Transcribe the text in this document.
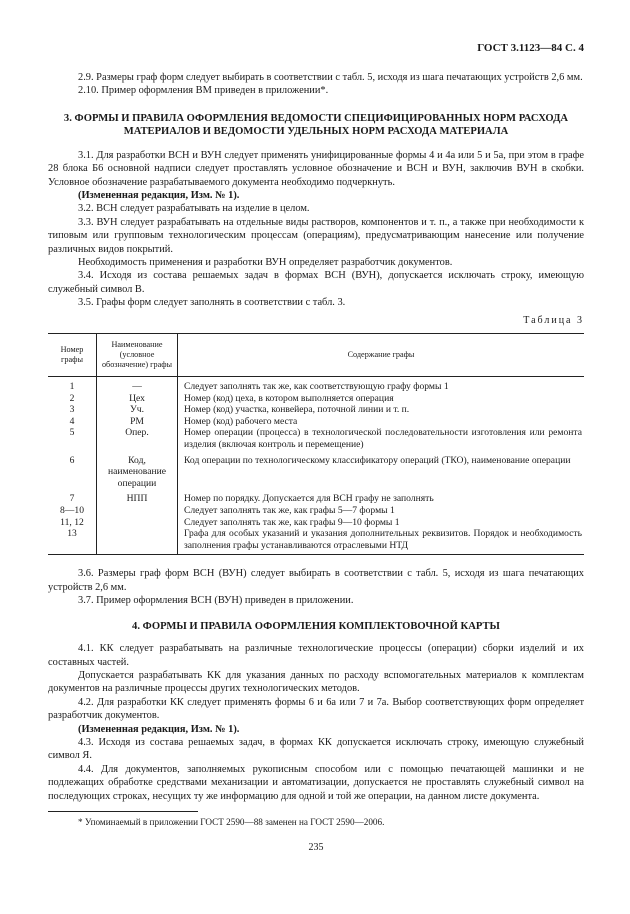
ГОСТ 3.1123—84 С. 4

2.9. Размеры граф форм следует выбирать в соответствии с табл. 5, исходя из шага печатающих устройств 2,6 мм.

2.10. Пример оформления ВМ приведен в приложении*.

3. ФОРМЫ И ПРАВИЛА ОФОРМЛЕНИЯ ВЕДОМОСТИ СПЕЦИФИЦИРОВАННЫХ НОРМ РАСХОДА МАТЕРИАЛОВ И ВЕДОМОСТИ УДЕЛЬНЫХ НОРМ РАСХОДА МАТЕРИАЛА

3.1. Для разработки ВСН и ВУН следует применять унифицированные формы 4 и 4а или 5 и 5а, при этом в графе 28 блока Б6 основной надписи следует проставлять условное обозначение и ВСН и ВУН, заключив ВУН в скобки. Условное обозначение разрабатываемого документа необходимо подчеркнуть.

(Измененная редакция, Изм. № 1).

3.2. ВСН следует разрабатывать на изделие в целом.

3.3. ВУН следует разрабатывать на отдельные виды растворов, компонентов и т. п., а также при необходимости к типовым или групповым технологическим процессам (операциям), предусматривающим нанесение или получение различных видов покрытий.

Необходимость применения и разработки ВУН определяет разработчик документов.

3.4. Исходя из состава решаемых задач в формах ВСН (ВУН), допускается исключать строку, имеющую служебный символ В.

3.5. Графы форм следует заполнять в соответствии с табл. 3.

Таблица 3

Номер графы	Наименование (условное обозначение) графы	Содержание графы
1	—	Следует заполнять так же, как соответствующую графу формы 1
2	Цех	Номер (код) цеха, в котором выполняется операция
3	Уч.	Номер (код) участка, конвейера, поточной линии и т. п.
4	РМ	Номер (код) рабочего места
5	Опер.	Номер операции (процесса) в технологической последовательности изготовления или ремонта изделия (включая контроль и перемещение)
6	Код, наименование операции	Код операции по технологическому классификатору операций (ТКО), наименование операции
7	НПП	Номер по порядку. Допускается для ВСН графу не заполнять
8—10		Следует заполнять так же, как графы 5—7 формы 1
11, 12		Следует заполнять так же, как графы 9—10 формы 1
13		Графа для особых указаний и указания дополнительных реквизитов. Порядок и необходимость заполнения графы устанавливаются отраслевыми НТД

3.6. Размеры граф форм ВСН (ВУН) следует выбирать в соответствии с табл. 5, исходя из шага печатающих устройств 2,6 мм.

3.7. Пример оформления ВСН (ВУН) приведен в приложении.

4. ФОРМЫ И ПРАВИЛА ОФОРМЛЕНИЯ КОМПЛЕКТОВОЧНОЙ КАРТЫ

4.1. КК следует разрабатывать на различные технологические процессы (операции) сборки изделий и их составных частей.

Допускается разрабатывать КК для указания данных по расходу вспомогательных материалов к комплектам документов на различные процессы других технологических методов.

4.2. Для разработки КК следует применять формы 6 и 6а или 7 и 7а. Выбор соответствующих форм определяет разработчик документов.

(Измененная редакция, Изм. № 1).

4.3. Исходя из состава решаемых задач, в формах КК допускается исключать строку, имеющую служебный символ Я.

4.4. Для документов, заполняемых рукописным способом или с помощью печатающей машинки и не подлежащих обработке средствами механизации и автоматизации, допускается не проставлять служебный символ на последующих строках, несущих ту же информацию для одной и той же операции, на данном листе документа.

* Упоминаемый в приложении ГОСТ 2590—88 заменен на ГОСТ 2590—2006.

235
